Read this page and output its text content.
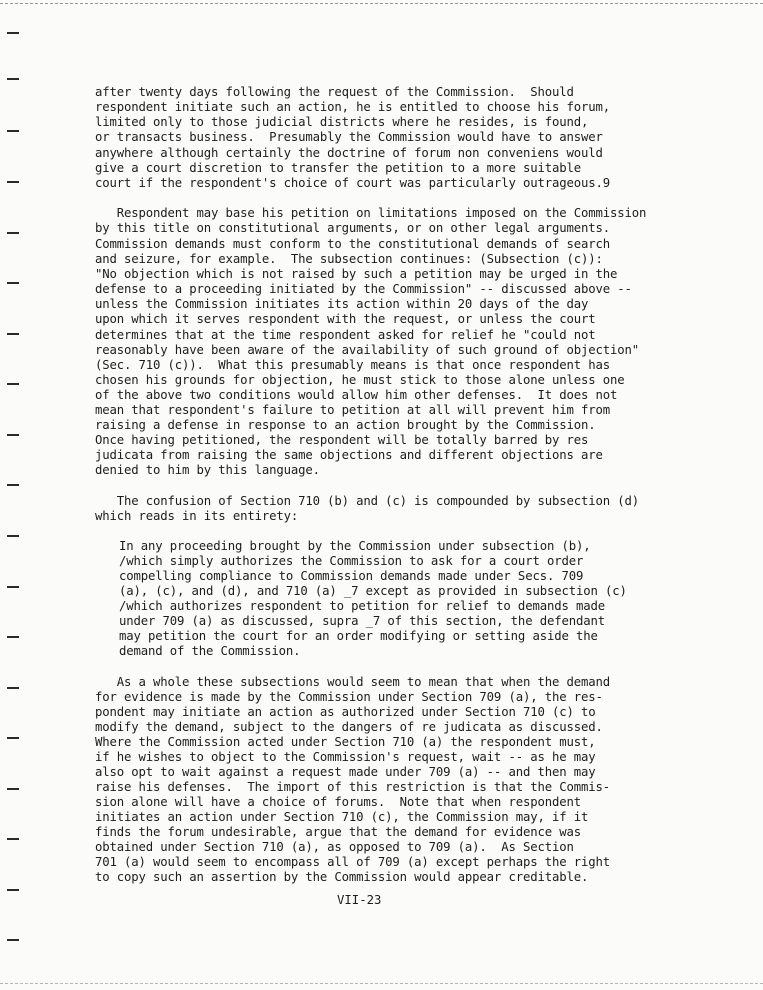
after twenty days following the request of the Commission.  Should
respondent initiate such an action, he is entitled to choose his forum,
limited only to those judicial districts where he resides, is found,
or transacts business.  Presumably the Commission would have to answer
anywhere although certainly the doctrine of forum non conveniens would
give a court discretion to transfer the petition to a more suitable
court if the respondent's choice of court was particularly outrageous.9
Respondent may base his petition on limitations imposed on the Commission
by this title on constitutional arguments, or on other legal arguments.
Commission demands must conform to the constitutional demands of search
and seizure, for example.  The subsection continues: (Subsection (c)):
"No objection which is not raised by such a petition may be urged in the
defense to a proceeding initiated by the Commission" -- discussed above --
unless the Commission initiates its action within 20 days of the day
upon which it serves respondent with the request, or unless the court
determines that at the time respondent asked for relief he "could not
reasonably have been aware of the availability of such ground of objection"
(Sec. 710 (c)).  What this presumably means is that once respondent has
chosen his grounds for objection, he must stick to those alone unless one
of the above two conditions would allow him other defenses.  It does not
mean that respondent's failure to petition at all will prevent him from
raising a defense in response to an action brought by the Commission.
Once having petitioned, the respondent will be totally barred by res
judicata from raising the same objections and different objections are
denied to him by this language.
The confusion of Section 710 (b) and (c) is compounded by subsection (d)
which reads in its entirety:
In any proceeding brought by the Commission under subsection (b),
/which simply authorizes the Commission to ask for a court order
compelling compliance to Commission demands made under Secs. 709
(a), (c), and (d), and 710 (a) _7 except as provided in subsection (c)
/which authorizes respondent to petition for relief to demands made
under 709 (a) as discussed, supra _7 of this section, the defendant
may petition the court for an order modifying or setting aside the
demand of the Commission.
As a whole these subsections would seem to mean that when the demand
for evidence is made by the Commission under Section 709 (a), the res-
pondent may initiate an action as authorized under Section 710 (c) to
modify the demand, subject to the dangers of re judicata as discussed.
Where the Commission acted under Section 710 (a) the respondent must,
if he wishes to object to the Commission's request, wait -- as he may
also opt to wait against a request made under 709 (a) -- and then may
raise his defenses.  The import of this restriction is that the Commis-
sion alone will have a choice of forums.  Note that when respondent
initiates an action under Section 710 (c), the Commission may, if it
finds the forum undesirable, argue that the demand for evidence was
obtained under Section 710 (a), as opposed to 709 (a).  As Section
701 (a) would seem to encompass all of 709 (a) except perhaps the right
to copy such an assertion by the Commission would appear creditable.
VII-23
